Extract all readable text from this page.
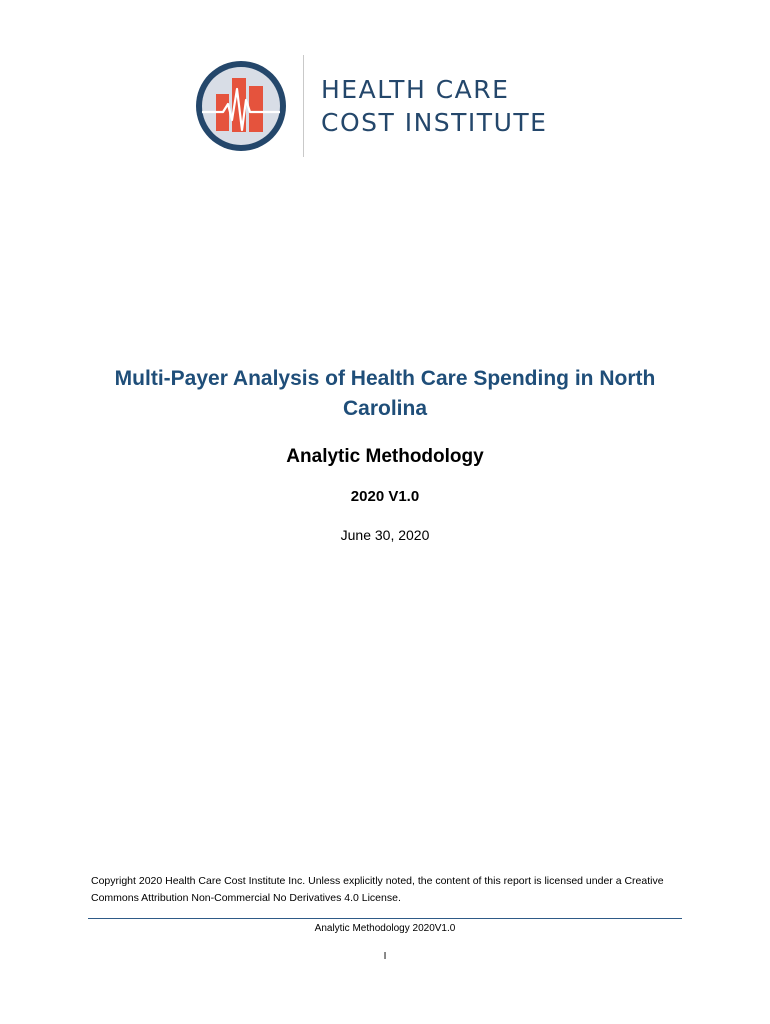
HEALTH CARE
COST INSTITUTE
Multi-Payer Analysis of Health Care Spending in North Carolina
Analytic Methodology
2020 V1.0
June 30, 2020
Copyright 2020 Health Care Cost Institute Inc. Unless explicitly noted, the content of this report is licensed under a Creative Commons Attribution Non-Commercial No Derivatives 4.0 License.
Analytic Methodology 2020V1.0
I
